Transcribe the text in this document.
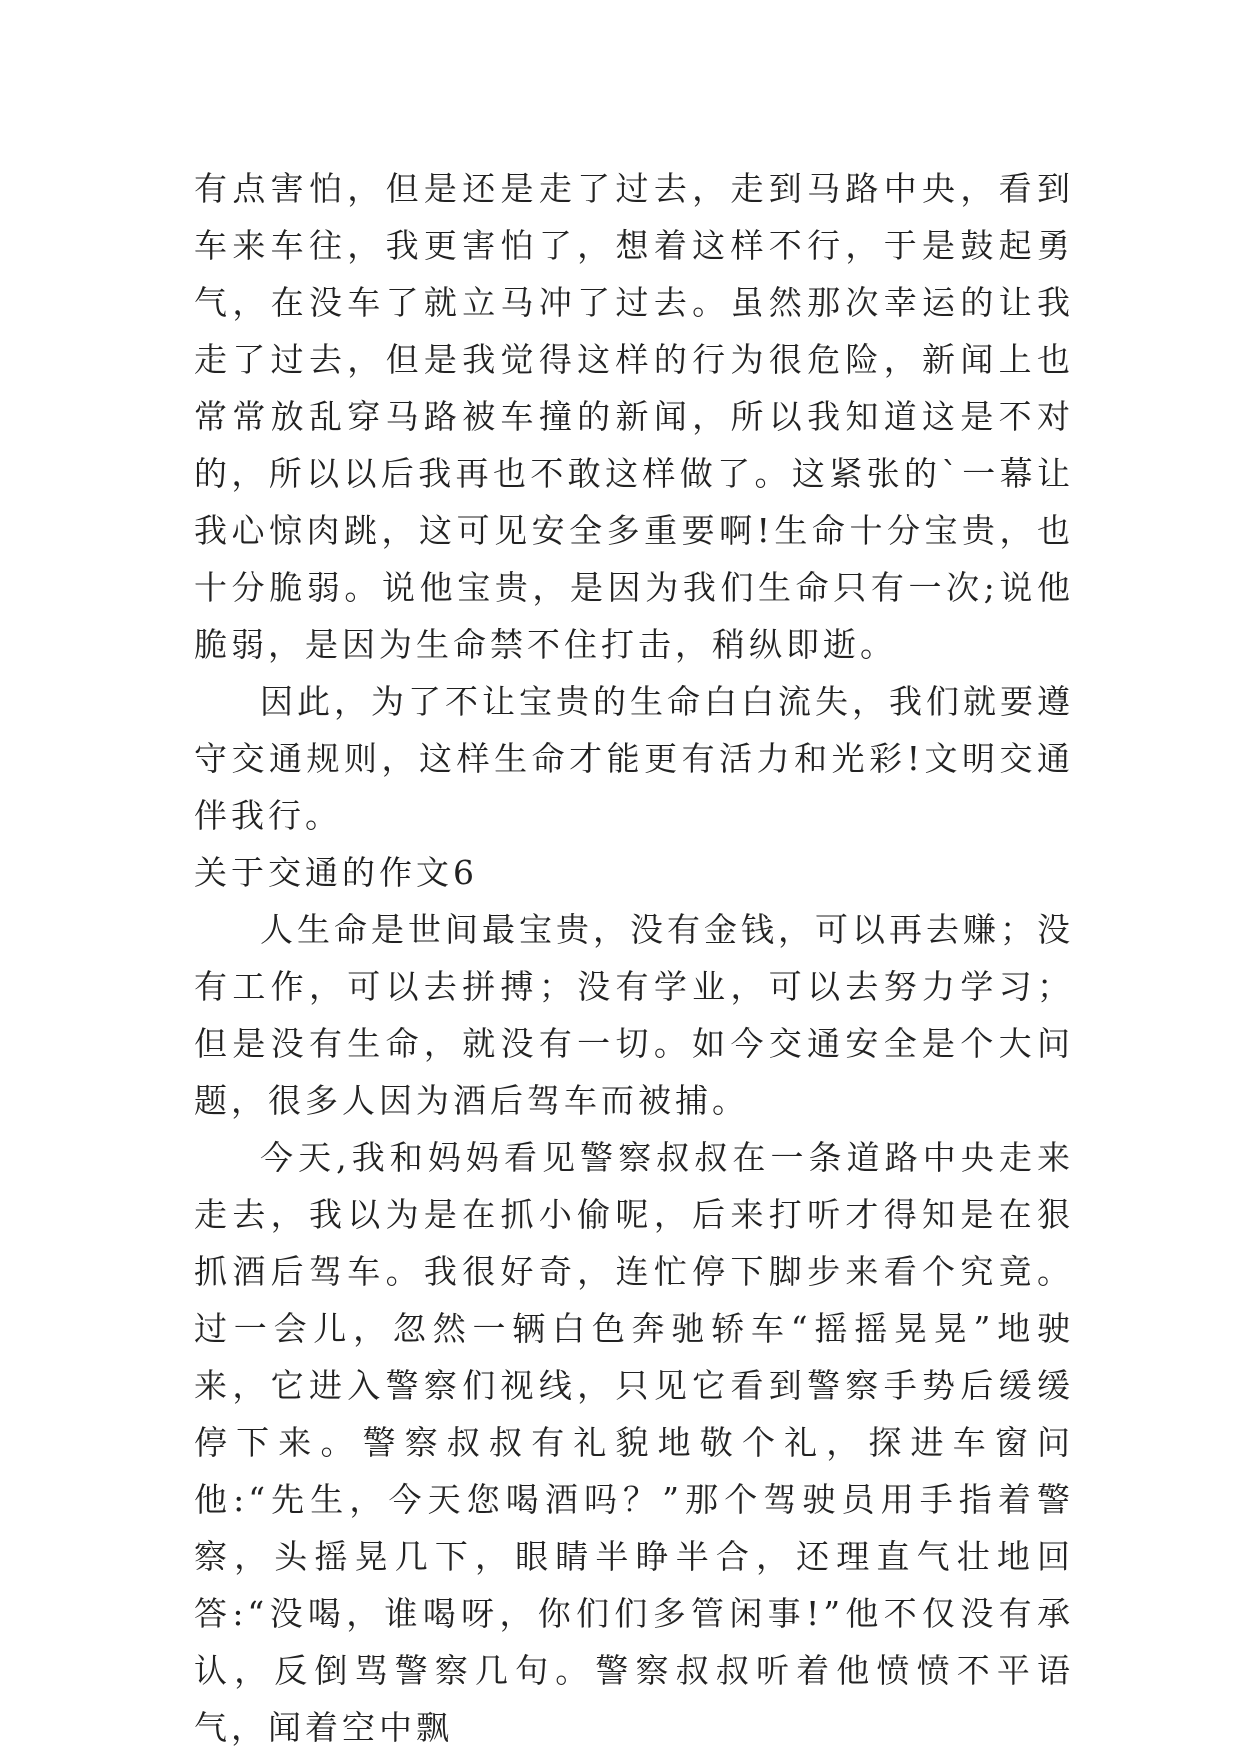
有点害怕，但是还是走了过去，走到马路中央，看到车来车往，我更害怕了，想着这样不行，于是鼓起勇气，在没车了就立马冲了过去。虽然那次幸运的让我走了过去，但是我觉得这样的行为很危险，新闻上也常常放乱穿马路被车撞的新闻，所以我知道这是不对的，所以以后我再也不敢这样做了。这紧张的`一幕让我心惊肉跳，这可见安全多重要啊!生命十分宝贵，也十分脆弱。说他宝贵，是因为我们生命只有一次;说他脆弱，是因为生命禁不住打击，稍纵即逝。

因此，为了不让宝贵的生命白白流失，我们就要遵守交通规则，这样生命才能更有活力和光彩!文明交通伴我行。

关于交通的作文6

人生命是世间最宝贵，没有金钱，可以再去赚；没有工作，可以去拼搏；没有学业，可以去努力学习；但是没有生命，就没有一切。如今交通安全是个大问题，很多人因为酒后驾车而被捕。

今天,我和妈妈看见警察叔叔在一条道路中央走来走去，我以为是在抓小偷呢，后来打听才得知是在狠抓酒后驾车。我很好奇，连忙停下脚步来看个究竟。过一会儿，忽然一辆白色奔驰轿车“摇摇晃晃”地驶来，它进入警察们视线，只见它看到警察手势后缓缓停下来。警察叔叔有礼貌地敬个礼，探进车窗问他:“先生，今天您喝酒吗？”那个驾驶员用手指着警察，头摇晃几下，眼睛半睁半合，还理直气壮地回答:“没喝，谁喝呀，你们们多管闲事!”他不仅没有承认，反倒骂警察几句。警察叔叔听着他愤愤不平语气，闻着空中飘
